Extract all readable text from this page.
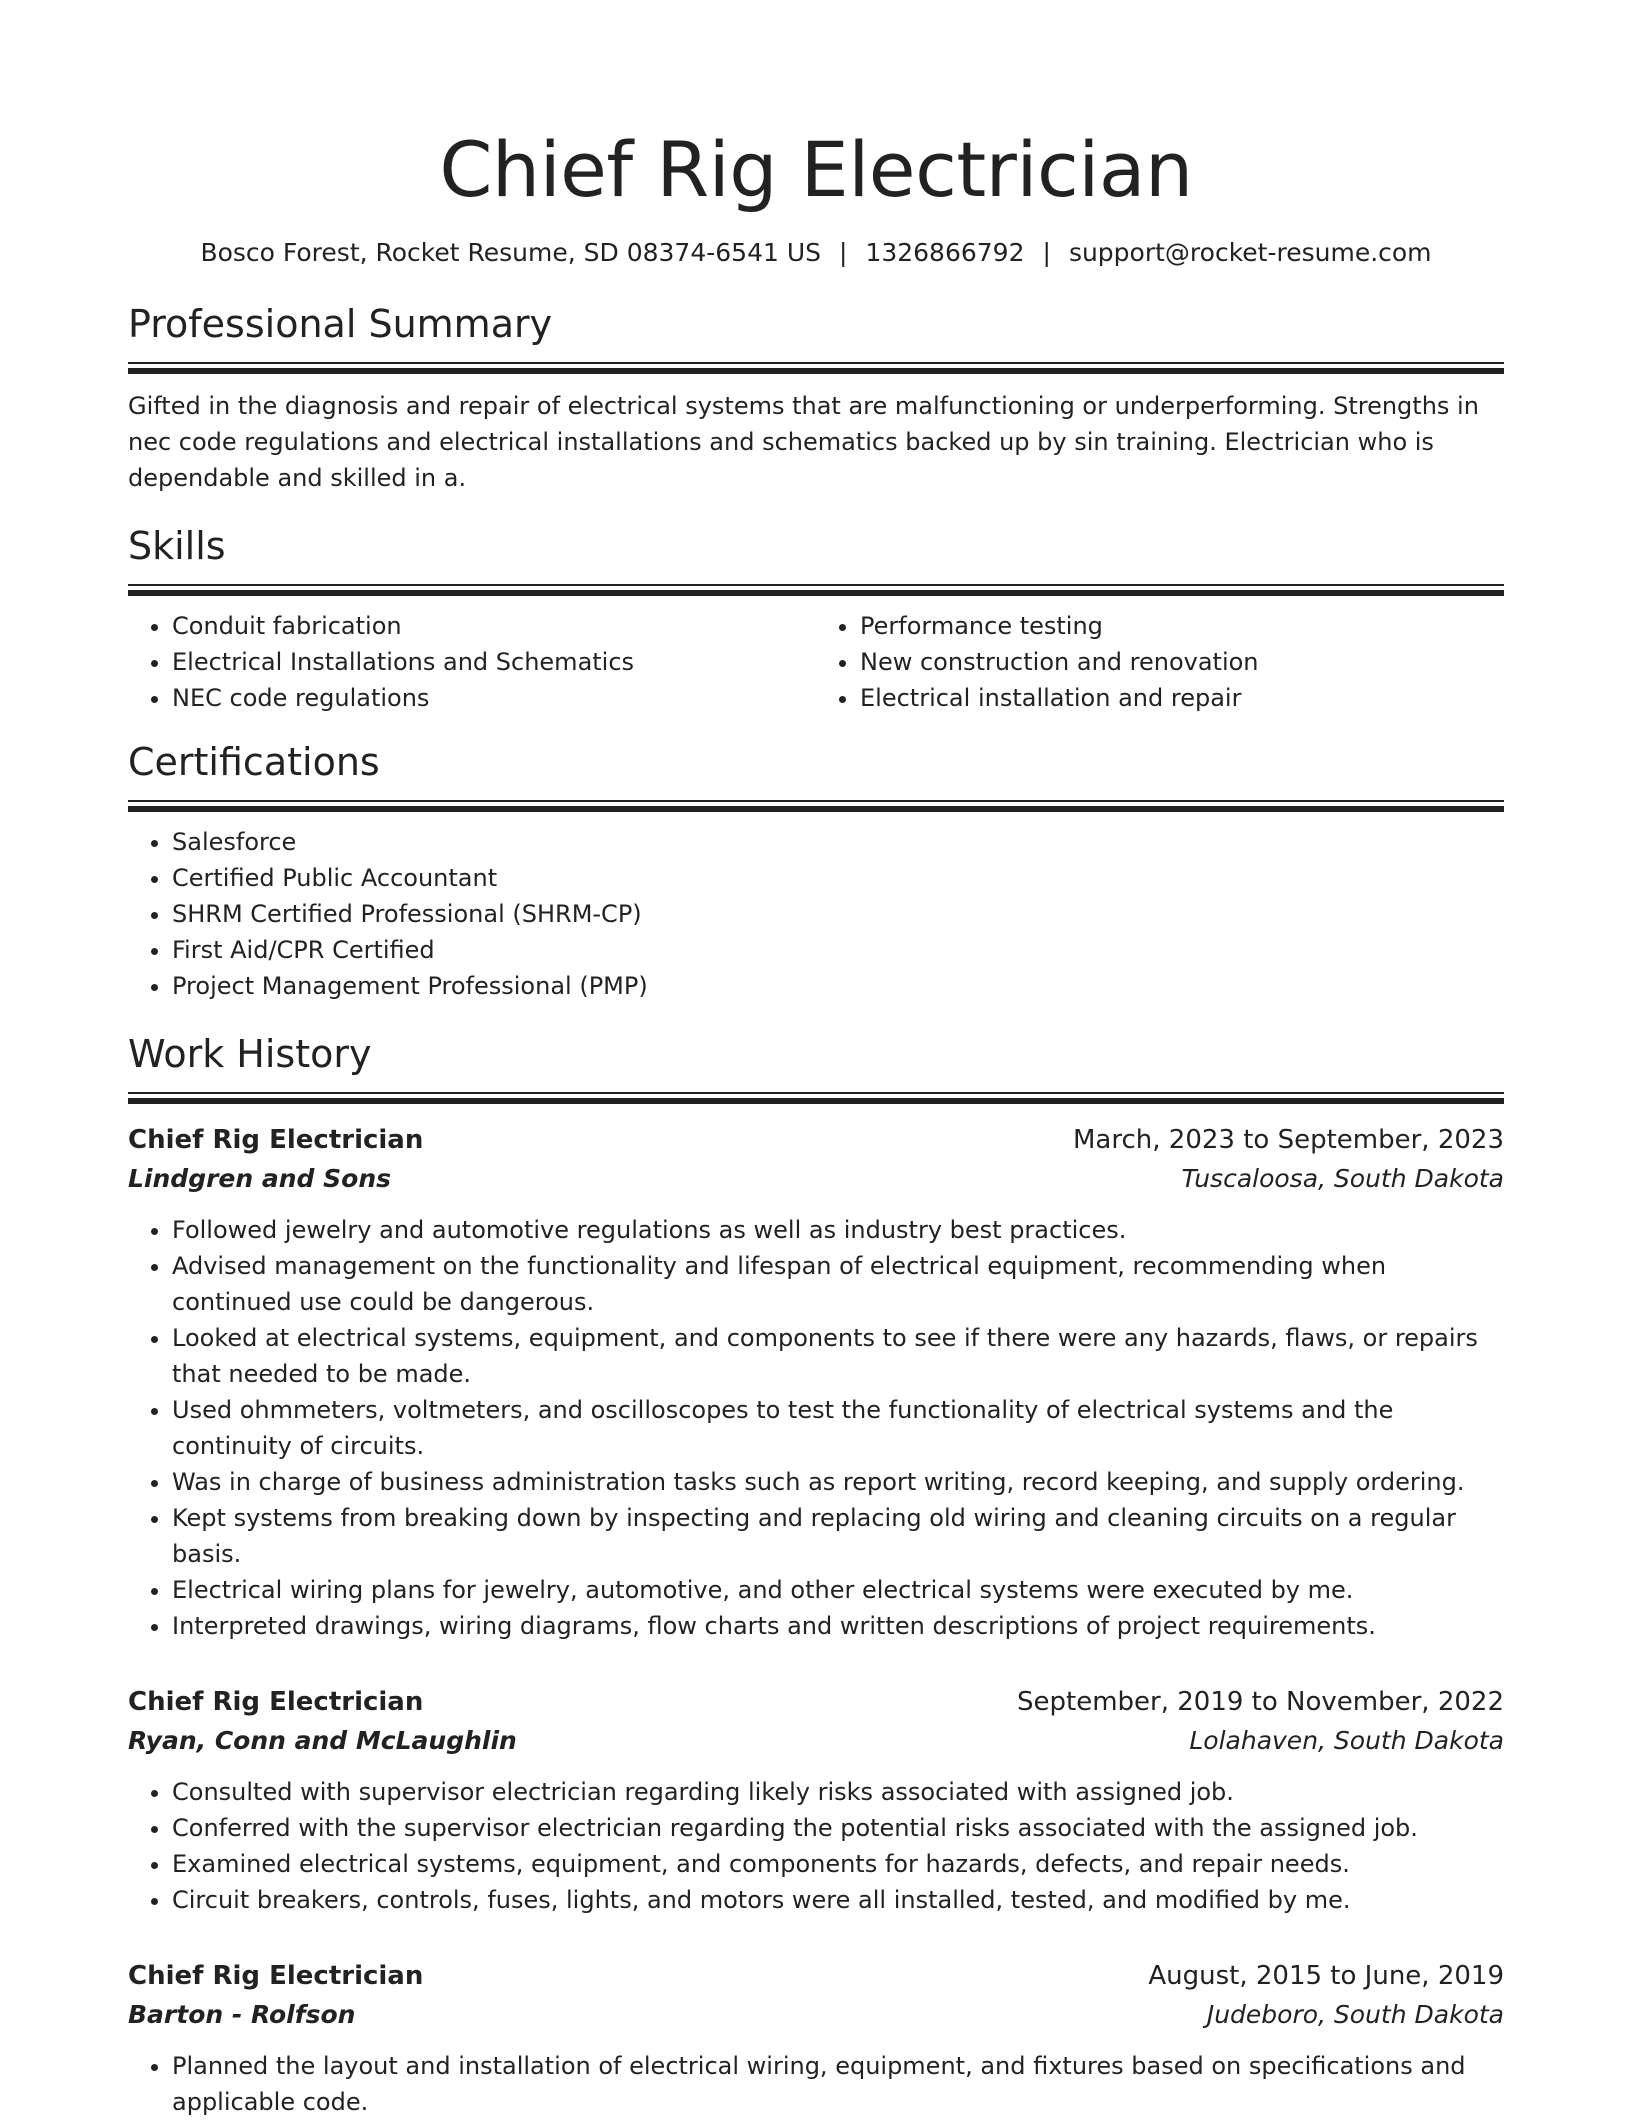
Chief Rig Electrician
Bosco Forest, Rocket Resume, SD 08374-6541 US | 1326866792 | support@rocket-resume.com
Professional Summary

Gifted in the diagnosis and repair of electrical systems that are malfunctioning or underperforming. Strengths in nec code regulations and electrical installations and schematics backed up by sin training. Electrician who is dependable and skilled in a.

Skills
• Conduit fabrication
• Electrical Installations and Schematics
• NEC code regulations
• Performance testing
• New construction and renovation
• Electrical installation and repair
Certifications
• Salesforce
• Certified Public Accountant
• SHRM Certified Professional (SHRM-CP)
• First Aid/CPR Certified
• Project Management Professional (PMP)
Work History
Chief Rig Electrician	March, 2023 to September, 2023
Lindgren and Sons	Tuscaloosa, South Dakota
• Followed jewelry and automotive regulations as well as industry best practices.
• Advised management on the functionality and lifespan of electrical equipment, recommending when continued use could be dangerous.
• Looked at electrical systems, equipment, and components to see if there were any hazards, flaws, or repairs that needed to be made.
• Used ohmmeters, voltmeters, and oscilloscopes to test the functionality of electrical systems and the continuity of circuits.
• Was in charge of business administration tasks such as report writing, record keeping, and supply ordering.
• Kept systems from breaking down by inspecting and replacing old wiring and cleaning circuits on a regular basis.
• Electrical wiring plans for jewelry, automotive, and other electrical systems were executed by me.
• Interpreted drawings, wiring diagrams, flow charts and written descriptions of project requirements.
Chief Rig Electrician	September, 2019 to November, 2022
Ryan, Conn and McLaughlin	Lolahaven, South Dakota
• Consulted with supervisor electrician regarding likely risks associated with assigned job.
• Conferred with the supervisor electrician regarding the potential risks associated with the assigned job.
• Examined electrical systems, equipment, and components for hazards, defects, and repair needs.
• Circuit breakers, controls, fuses, lights, and motors were all installed, tested, and modified by me.
Chief Rig Electrician	August, 2015 to June, 2019
Barton - Rolfson	Judeboro, South Dakota
• Planned the layout and installation of electrical wiring, equipment, and fixtures based on specifications and applicable code.
